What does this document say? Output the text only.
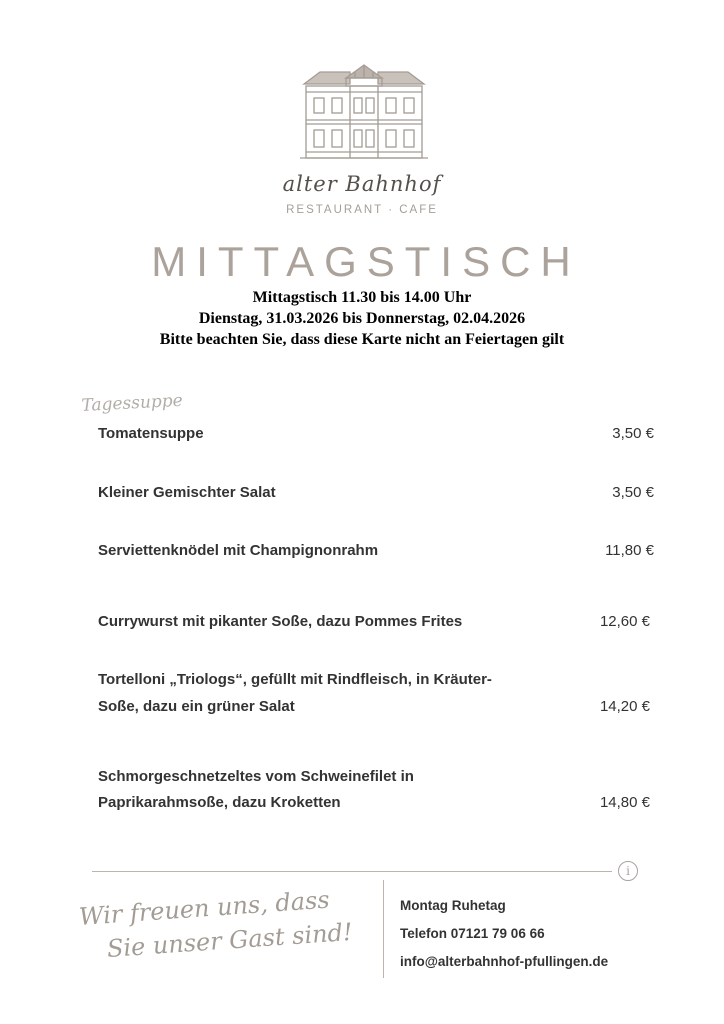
alter Bahnhof
RESTAURANT · CAFE
MITTAGSTISCH
Mittagstisch 11.30 bis 14.00 Uhr
Dienstag, 31.03.2026 bis Donnerstag, 02.04.2026
Bitte beachten Sie, dass diese Karte nicht an Feiertagen gilt
Tagessuppe
Tomatensuppe	3,50 €
Kleiner Gemischter Salat	3,50 €
Serviettenknödel mit Champignonrahm	11,80 €
Currywurst mit pikanter Soße, dazu Pommes Frites	12,60 €
Tortelloni „Triologs“, gefüllt mit Rindfleisch, in Kräuter-
Soße, dazu ein grüner Salat	14,20 €
Schmorgeschnetzeltes vom Schweinefilet in
Paprikarahmsoße, dazu Kroketten	14,80 €
i
Wir freuen uns, dass
Sie unser Gast sind!
Montag Ruhetag
Telefon 07121 79 06 66
info@alterbahnhof-pfullingen.de
